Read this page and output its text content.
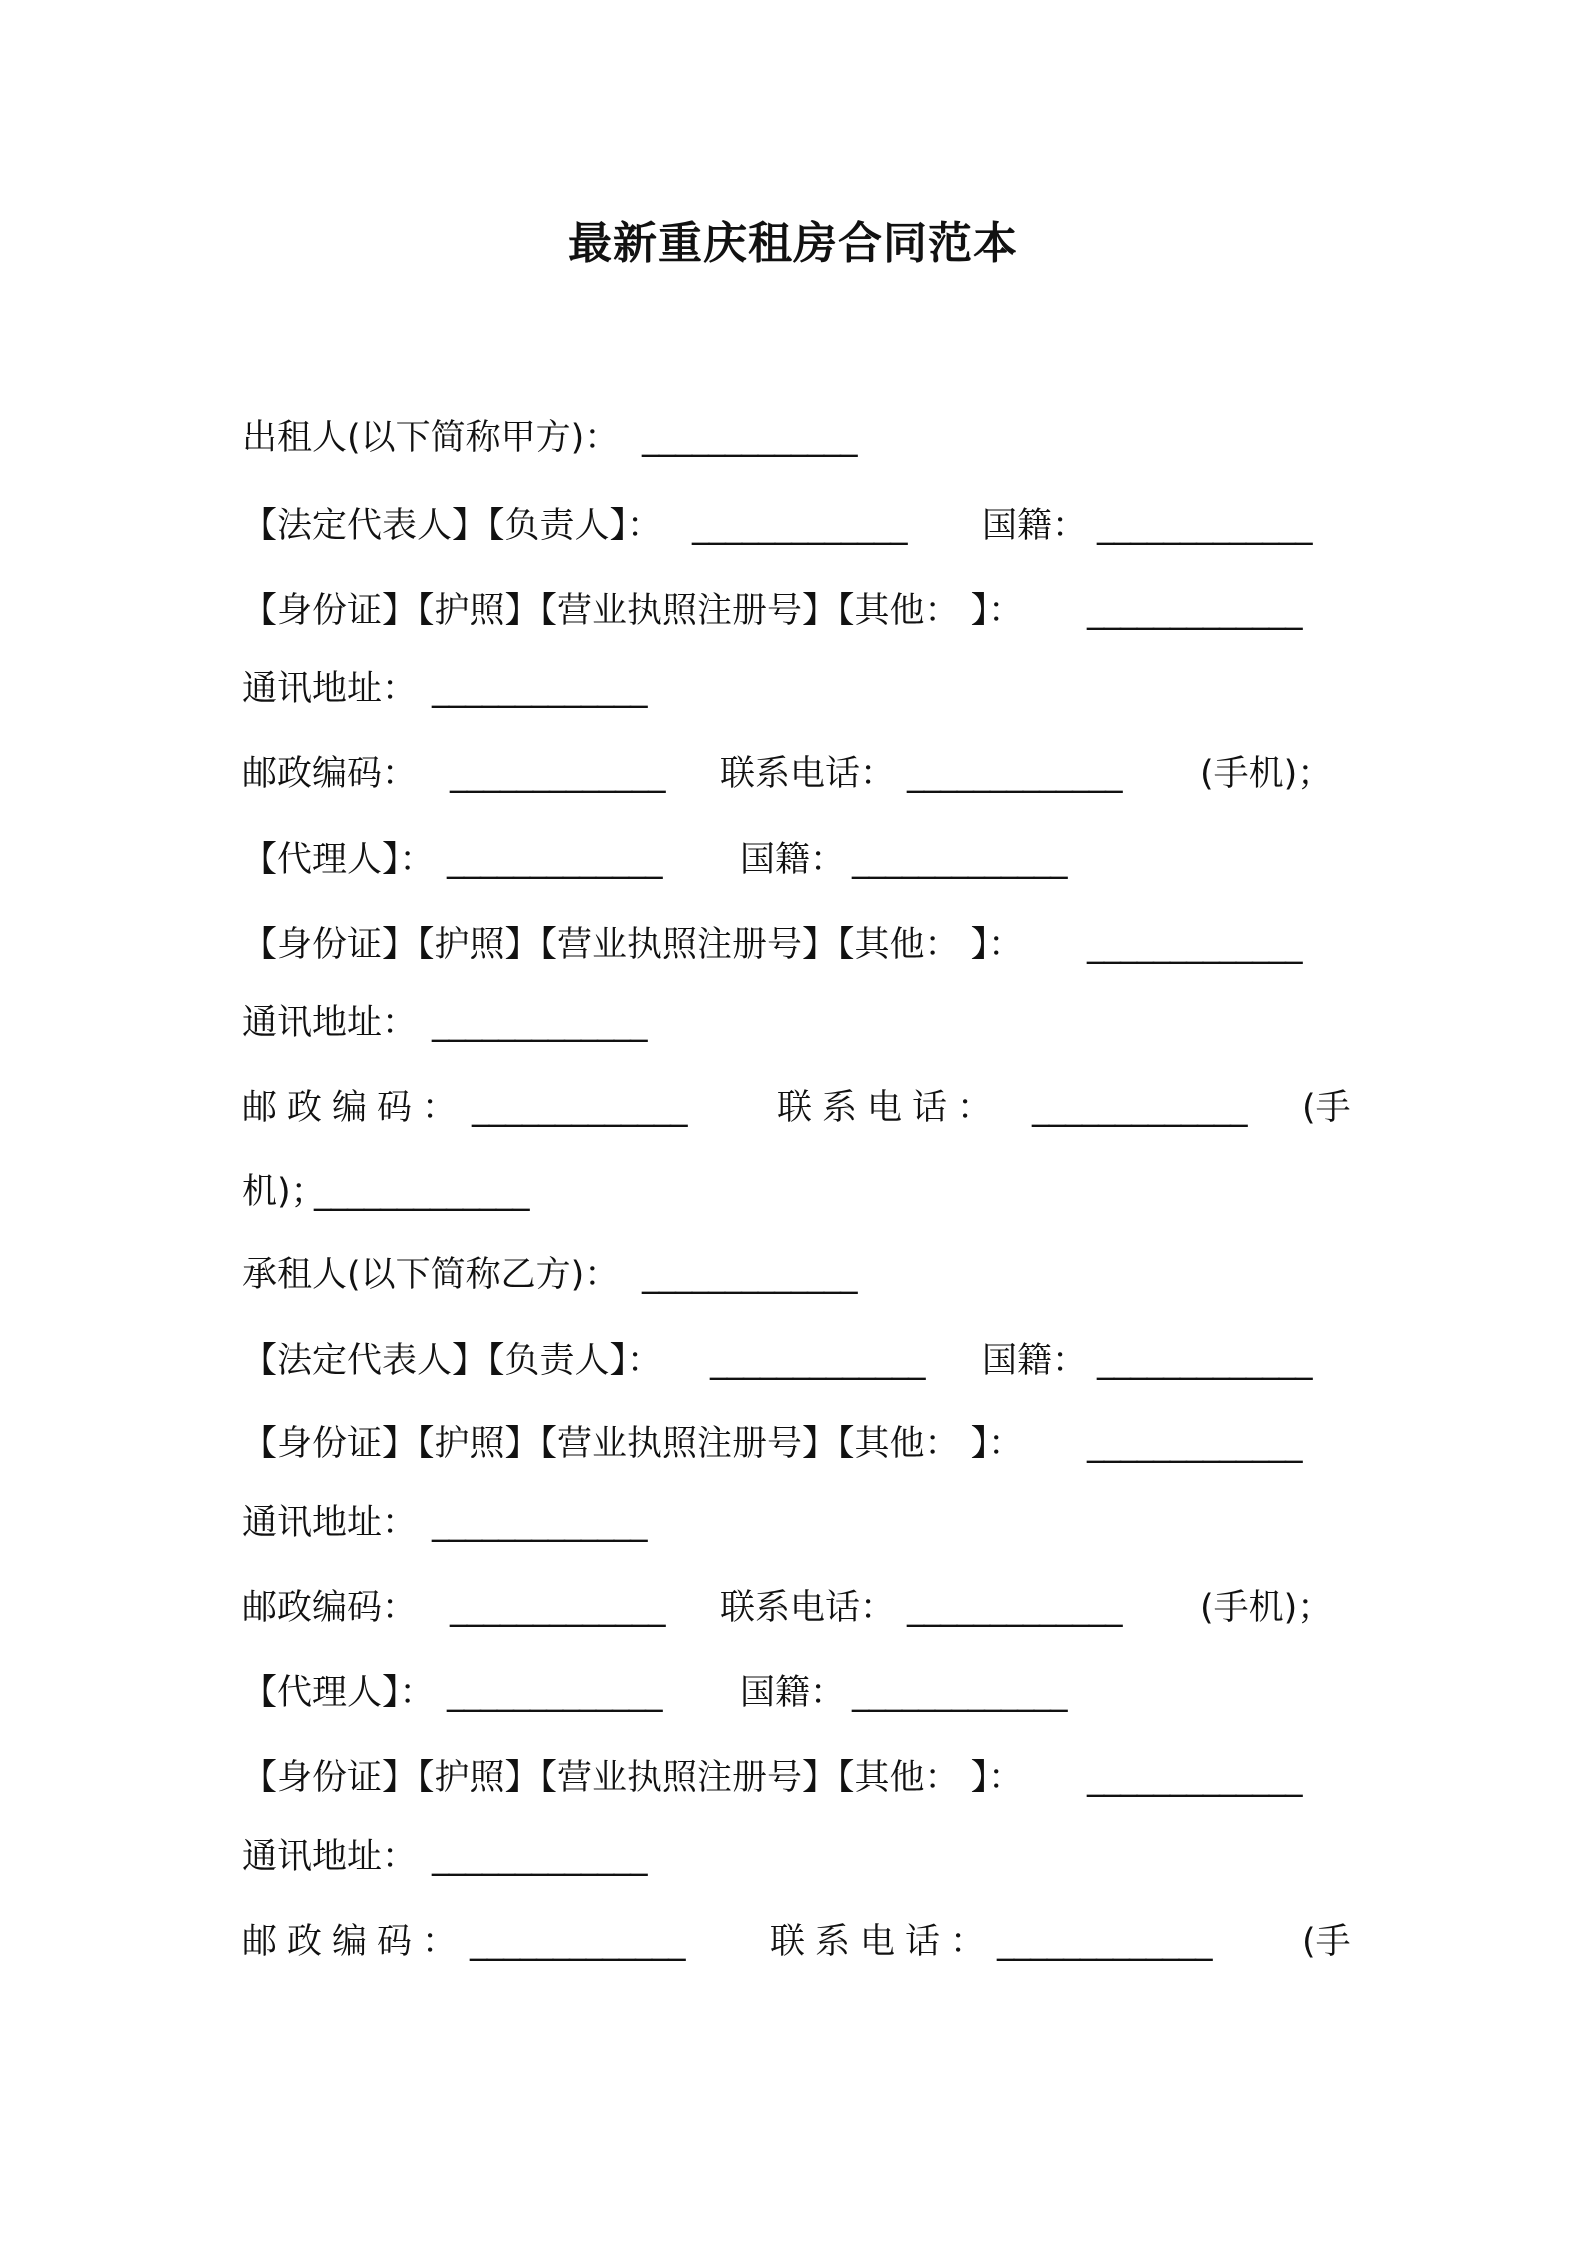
最新重庆租房合同范本
出租人(以下简称甲方)： _____________
【法定代表人】【负责人】： _____________ 国籍： _____________
【身份证】【护照】【营业执照注册号】【其他： 】： _____________
通讯地址： _____________
邮政编码： _____________ 联系电话： _____________ (手机)；
【代理人】： _____________ 国籍： _____________
【身份证】【护照】【营业执照注册号】【其他： 】： _____________
通讯地址： _____________
邮政编码： _____________	联系电话： _____________ (手
机)；
_____________
承租人(以下简称乙方)： _____________
【法定代表人】【负责人】： _____________ 国籍： _____________
【身份证】【护照】【营业执照注册号】【其他： 】： _____________
通讯地址： _____________
邮政编码： _____________ 联系电话： _____________ (手机)；
【代理人】： _____________ 国籍： _____________
【身份证】【护照】【营业执照注册号】【其他： 】： _____________
通讯地址： _____________
邮政编码： _____________ 联系电话： _____________	(手
